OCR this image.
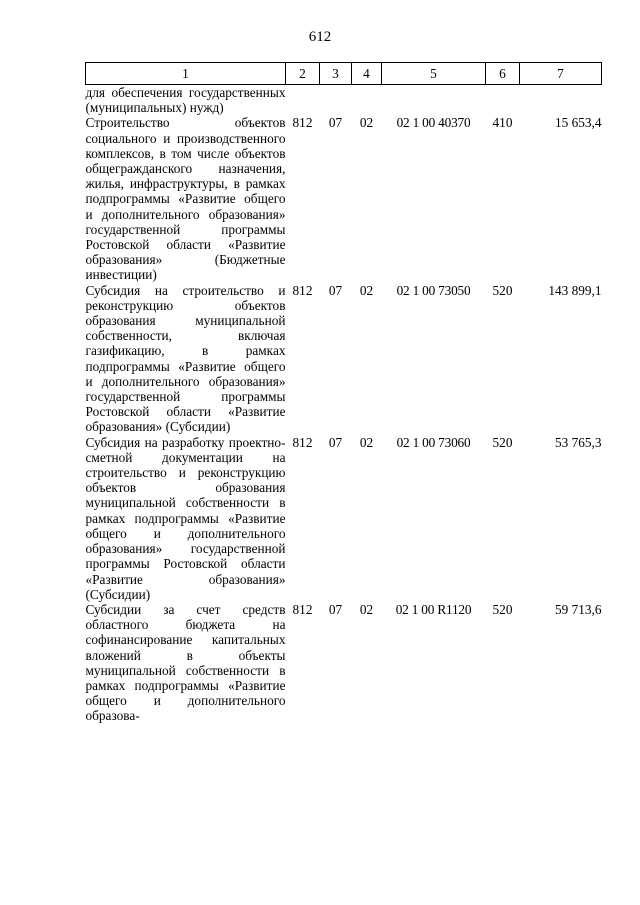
612
1	2	3	4	5	6	7
для обеспечения государственных (муниципальных) нужд)						
Строительство объектов социального и производственного комплексов, в том числе объектов общегражданского назначения, жилья, инфраструктуры, в рамках подпрограммы «Развитие общего и дополнительного образования» государственной программы Ростовской области «Развитие образования» (Бюджетные инвестиции)	812	07	02	02 1 00 40370	410	15 653,4
Субсидия на строительство и реконструкцию объектов образования муниципальной собственности, включая газификацию, в рамках подпрограммы «Развитие общего и дополнительного образования» государственной программы Ростовской области «Развитие образования» (Субсидии)	812	07	02	02 1 00 73050	520	143 899,1
Субсидия на разработку проектно-сметной документации на строительство и реконструкцию объектов образования муниципальной собственности в рамках подпрограммы «Развитие общего и дополнительного образования» государственной программы Ростовской области «Развитие образования» (Субсидии)	812	07	02	02 1 00 73060	520	53 765,3
Субсидии за счет средств областного бюджета на софинансирование капитальных вложений в объекты муниципальной собственности в рамках подпрограммы «Развитие общего и дополнительного образова-	812	07	02	02 1 00 R1120	520	59 713,6
